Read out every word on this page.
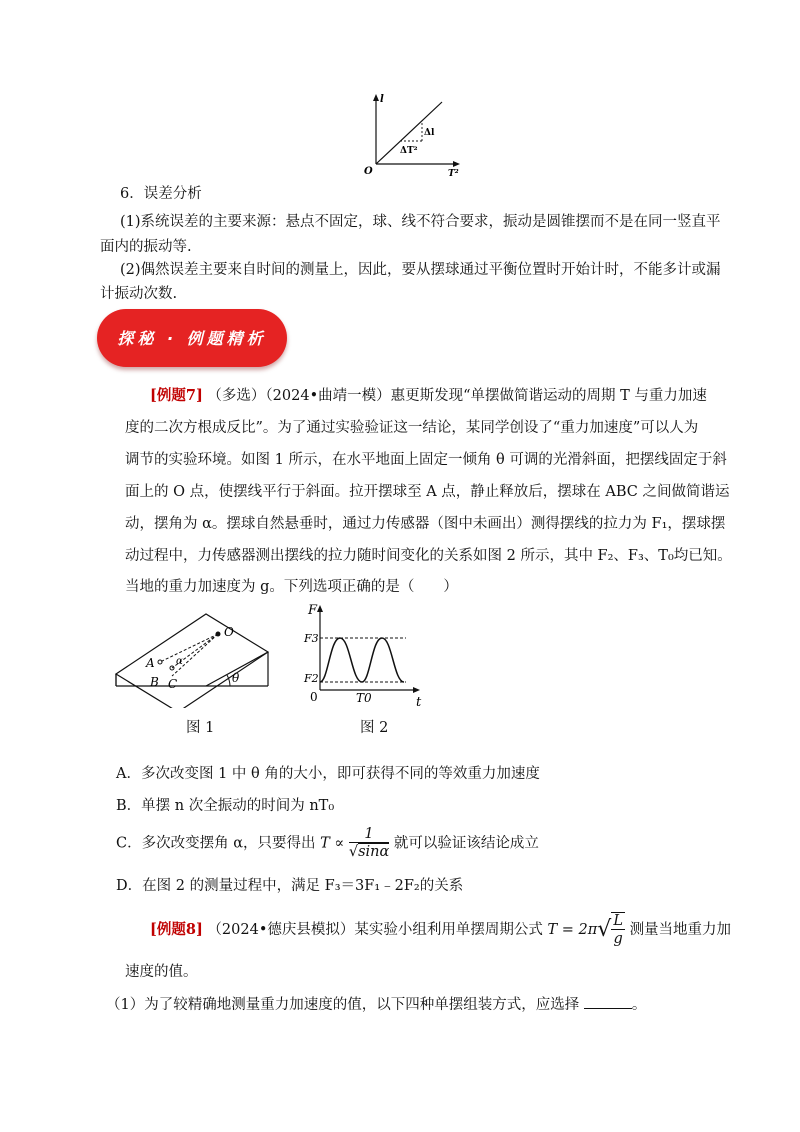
l
Δl
ΔT²
O	T²
6．误差分析
(1)系统误差的主要来源：悬点不固定，球、线不符合要求，振动是圆锥摆而不是在同一竖直平
面内的振动等.
(2)偶然误差主要来自时间的测量上，因此，要从摆球通过平衡位置时开始计时，不能多计或漏
计振动次数.
探秘 · 例题精析
[例题7] （多选）（2024•曲靖一模）惠更斯发现“单摆做简谐运动的周期 T 与重力加速
度的二次方根成反比”。为了通过实验验证这一结论，某同学创设了“重力加速度”可以人为
调节的实验环境。如图 1 所示，在水平地面上固定一倾角 θ 可调的光滑斜面，把摆线固定于斜
面上的 O 点，使摆线平行于斜面。拉开摆球至 A 点，静止释放后，摆球在 ABC 之间做简谐运
动，摆角为 α。摆球自然悬垂时，通过力传感器（图中未画出）测得摆线的拉力为 F₁，摆球摆
动过程中，力传感器测出摆线的拉力随时间变化的关系如图 2 所示，其中 F₂、F₃、T₀均已知。
当地的重力加速度为 g。下列选项正确的是（　　）
O
A
B C
α
θ
图 1
F
F3
F2
0	T0	t
图 2
A．多次改变图 1 中 θ 角的大小，即可获得不同的等效重力加速度
B．单摆 n 次全振动的时间为 nT₀
C．多次改变摆角 α，只要得出 $T \propto \frac{1}{√\sin\alpha}$ 就可以验证该结论成立
D．在图 2 的测量过程中，满足 F₃＝3F₁﹣2F₂的关系
[例题8] （2024•德庆县模拟）某实验小组利用单摆周期公式 $T = 2\pi√ \frac{L}{g}$ 测量当地重力加
速度的值。
（1）为了较精确地测量重力加速度的值，以下四种单摆组装方式，应选择	。
